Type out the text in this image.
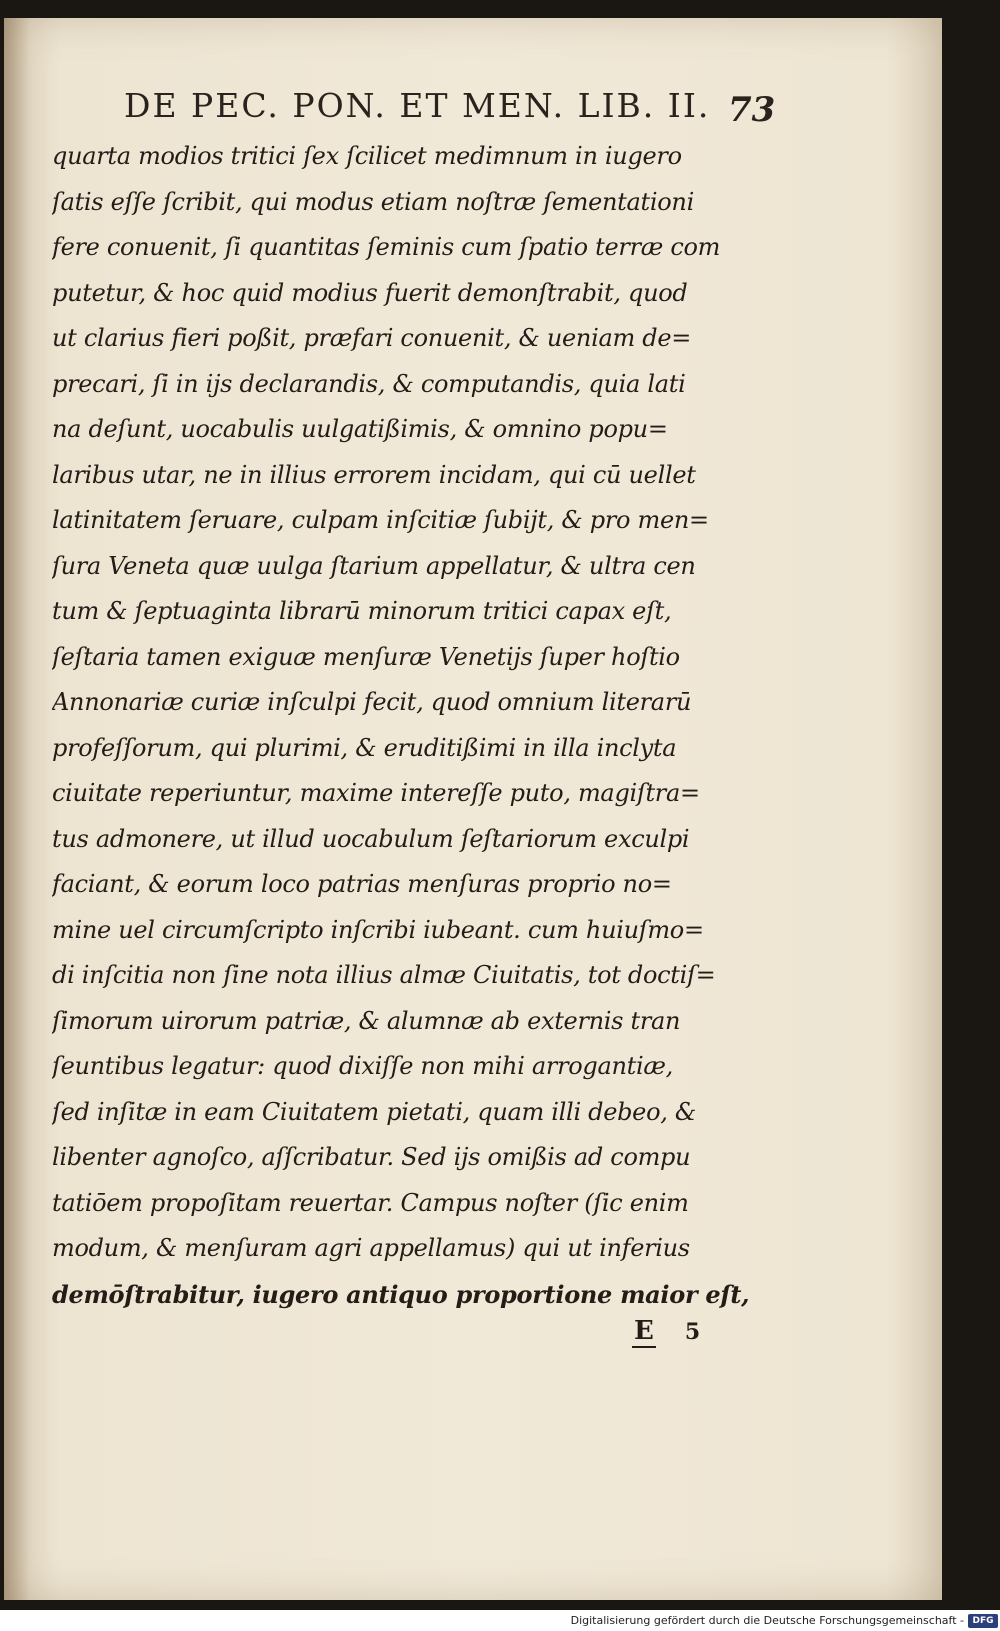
DE PEC. PON. ET MEN. LIB. II. 73
quarta modios tritici ſex ſcilicet medimnum in iugero
ſatis eſſe ſcribit, qui modus etiam noſtræ ſementationi
fere conuenit, ſi quantitas ſeminis cum ſpatio terræ com
putetur, & hoc quid modius fuerit demonſtrabit, quod
ut clarius fieri poßit, præfari conuenit, & ueniam de=
precari, ſi in ijs declarandis, & computandis, quia lati
na deſunt, uocabulis uulgatißimis, & omnino popu=
laribus utar, ne in illius errorem incidam, qui cū uellet
latinitatem ſeruare, culpam inſcitiæ ſubijt, & pro men=
ſura Veneta quæ uulga ſtarium appellatur, & ultra cen
tum & ſeptuaginta librarū minorum tritici capax eſt,
ſeſtaria tamen exiguæ menſuræ Venetijs ſuper hoſtio
Annonariæ curiæ inſculpi fecit, quod omnium literarū
profeſſorum, qui plurimi, & eruditißimi in illa inclyta
ciuitate reperiuntur, maxime intereſſe puto, magiſtra=
tus admonere, ut illud uocabulum ſeſtariorum exculpi
faciant, & eorum loco patrias menſuras proprio no=
mine uel circumſcripto inſcribi iubeant. cum huiuſmo=
di inſcitia non ſine nota illius almæ Ciuitatis, tot doctiſ=
ſimorum uirorum patriæ, & alumnæ ab externis tran
ſeuntibus legatur: quod dixiſſe non mihi arrogantiæ,
ſed inſitæ in eam Ciuitatem pietati, quam illi debeo, &
libenter agnoſco, aſſcribatur. Sed ijs omißis ad compu
tatiōem propoſitam reuertar. Campus noſter (ſic enim
modum, & menſuram agri appellamus) qui ut inferius
demōſtrabitur, iugero antiquo proportione maior eſt,
E 5
Digitalisierung gefördert durch die Deutsche Forschungsgemeinschaft - DFG
